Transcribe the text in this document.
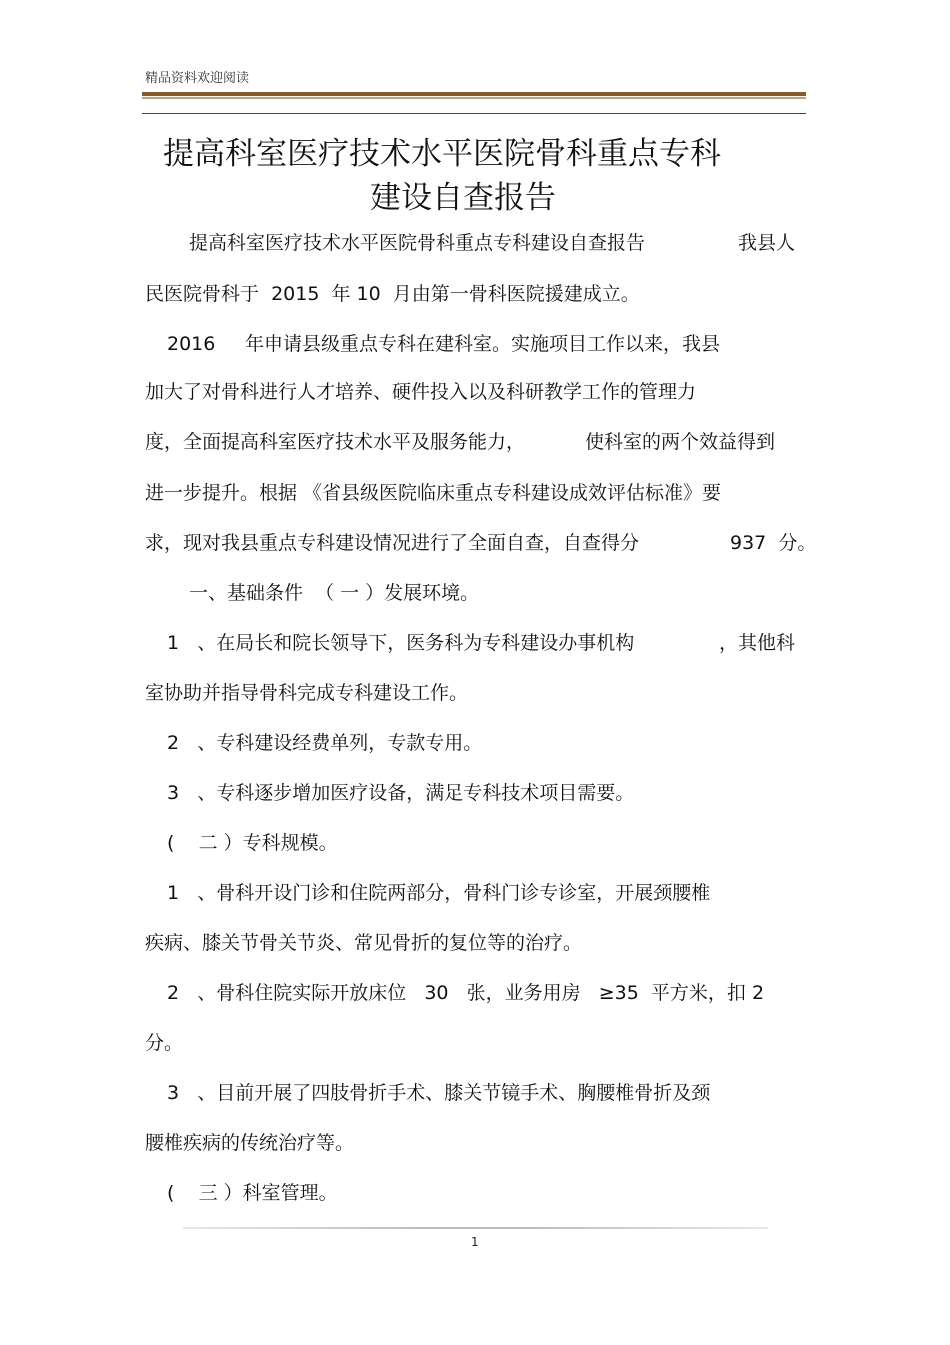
精品资料欢迎阅读
提高科室医疗技术水平医院骨科重点专科
建设自查报告
提高科室医疗技术水平医院骨科重点专科建设自查报告	我县人
民医院骨科于  2015  年 10  月由第一骨科医院援建成立。
2016 年申请县级重点专科在建科室。实施项目工作以来，我县
加大了对骨科进行人才培养、硬件投入以及科研教学工作的管理力
度，全面提高科室医疗技术水平及服务能力，	使科室的两个效益得到
进一步提升。根据 《省县级医院临床重点专科建设成效评估标准》要
求，现对我县重点专科建设情况进行了全面自查，自查得分	937  分。
一、基础条件  （ 一 ）发展环境。
1   、在局长和院长领导下，医务科为专科建设办事机构	，其他科
室协助并指导骨科完成专科建设工作。
2   、专科建设经费单列，专款专用。
3   、专科逐步增加医疗设备，满足专科技术项目需要。
(    二 ）专科规模。
1   、骨科开设门诊和住院两部分，骨科门诊专诊室，开展颈腰椎
疾病、膝关节骨关节炎、常见骨折的复位等的治疗。
2   、骨科住院实际开放床位   30   张，业务用房   ≥35  平方米，扣 2
分。
3   、目前开展了四肢骨折手术、膝关节镜手术、胸腰椎骨折及颈
腰椎疾病的传统治疗等。
(    三 ）科室管理。
1
